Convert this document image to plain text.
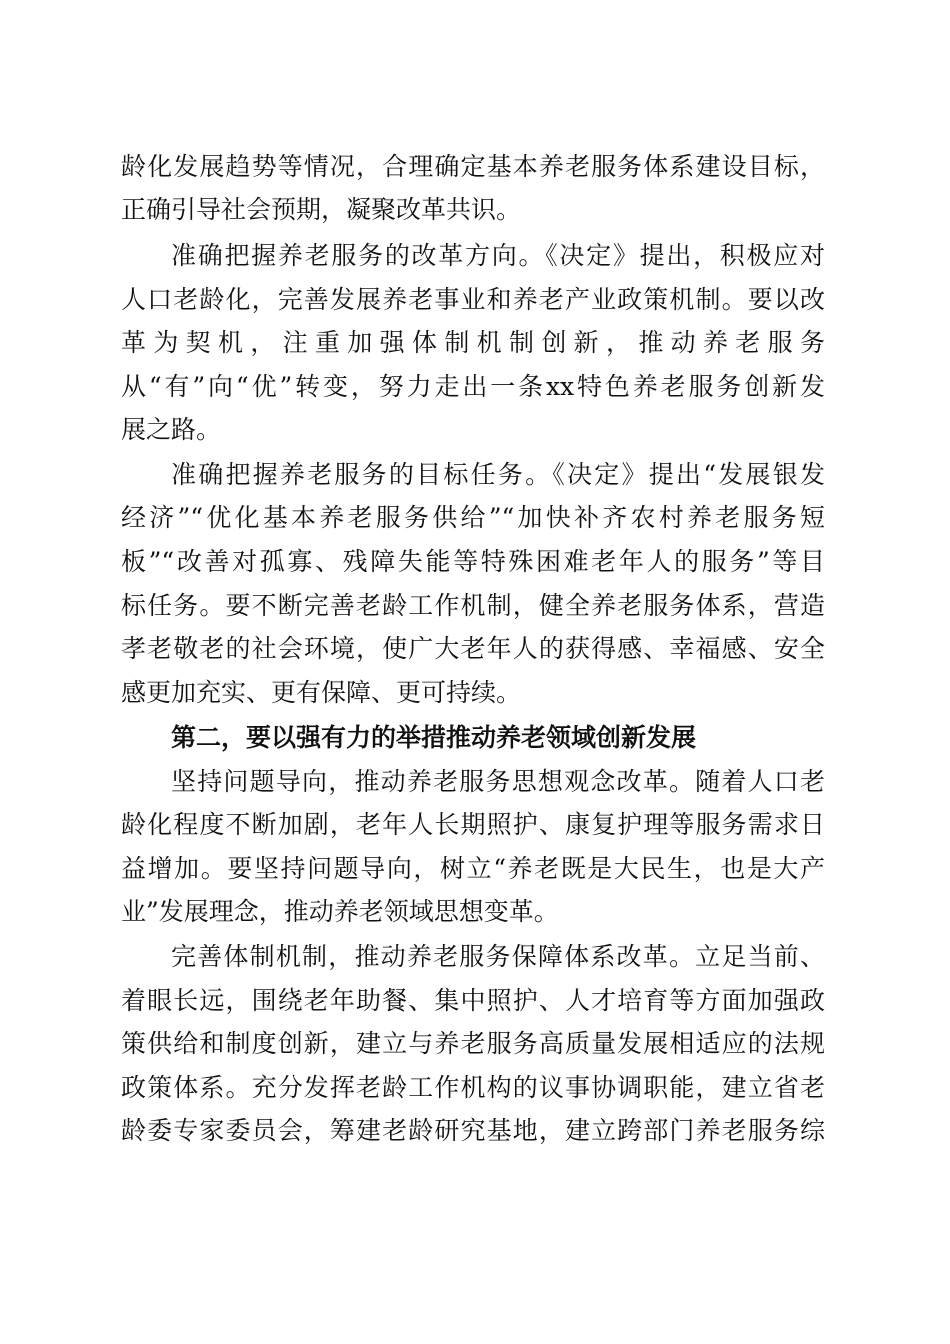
龄化发展趋势等情况，合理确定基本养老服务体系建设目标，
正确引导社会预期，凝聚改革共识。
准确把握养老服务的改革方向。《决定》提出，积极应对
人口老龄化，完善发展养老事业和养老产业政策机制。要以改
革为契机，注重加强体制机制创新，推动养老服务
从“有”向“优”转变，努力走出一条xx特色养老服务创新发
展之路。
准确把握养老服务的目标任务。《决定》提出“发展银发
经济”“优化基本养老服务供给”“加快补齐农村养老服务短
板”“改善对孤寡、残障失能等特殊困难老年人的服务”等目
标任务。要不断完善老龄工作机制，健全养老服务体系，营造
孝老敬老的社会环境，使广大老年人的获得感、幸福感、安全
感更加充实、更有保障、更可持续。
第二，要以强有力的举措推动养老领域创新发展
坚持问题导向，推动养老服务思想观念改革。随着人口老
龄化程度不断加剧，老年人长期照护、康复护理等服务需求日
益增加。要坚持问题导向，树立“养老既是大民生，也是大产
业”发展理念，推动养老领域思想变革。
完善体制机制，推动养老服务保障体系改革。立足当前、
着眼长远，围绕老年助餐、集中照护、人才培育等方面加强政
策供给和制度创新，建立与养老服务高质量发展相适应的法规
政策体系。充分发挥老龄工作机构的议事协调职能，建立省老
龄委专家委员会，筹建老龄研究基地，建立跨部门养老服务综
